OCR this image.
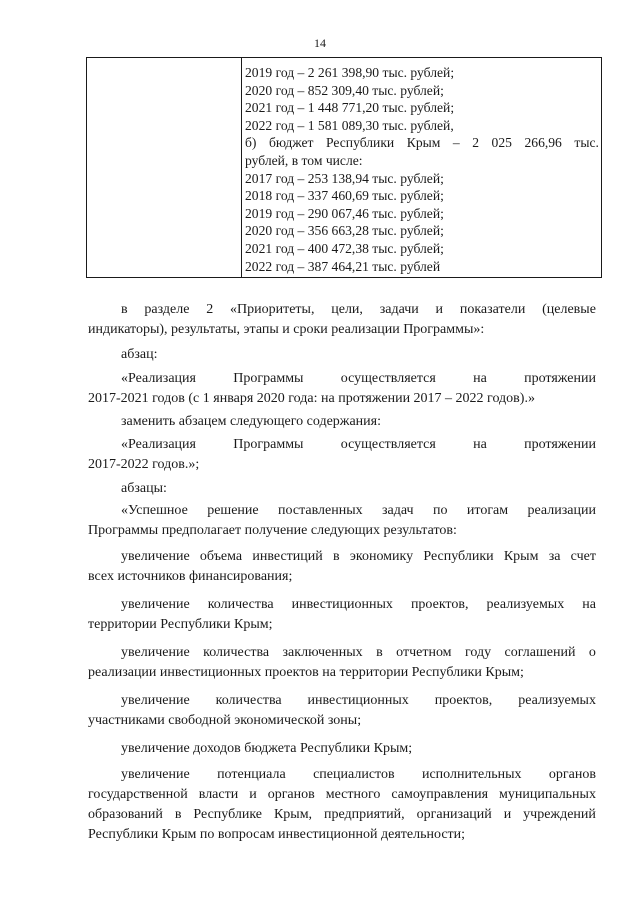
14

2019 год – 2 261 398,90 тыс. рублей;
2020 год – 852 309,40 тыс. рублей;
2021 год – 1 448 771,20 тыс. рублей;
2022 год – 1 581 089,30 тыс. рублей,
б) бюджет Республики Крым – 2 025 266,96 тыс.
рублей, в том числе:
2017 год – 253 138,94 тыс. рублей;
2018 год – 337 460,69 тыс. рублей;
2019 год – 290 067,46 тыс. рублей;
2020 год – 356 663,28 тыс. рублей;
2021 год – 400 472,38 тыс. рублей;
2022 год – 387 464,21 тыс. рублей
в разделе 2 «Приоритеты, цели, задачи и показатели (целевые
индикаторы), результаты, этапы и сроки реализации Программы»:
абзац:
«Реализация	Программы	осуществляется	на	протяжении
2017-2021 годов (с 1 января 2020 года: на протяжении 2017 – 2022 годов).»
заменить абзацем следующего содержания:
«Реализация	Программы	осуществляется	на	протяжении
2017-2022 годов.»;
абзацы:
«Успешное решение поставленных задач по итогам реализации
Программы предполагает получение следующих результатов:
увеличение объема инвестиций в экономику Республики Крым за счет
всех источников финансирования;
увеличение количества инвестиционных проектов, реализуемых на
территории Республики Крым;
увеличение количества заключенных в отчетном году соглашений о
реализации инвестиционных проектов на территории Республики Крым;
увеличение количества инвестиционных проектов, реализуемых
участниками свободной экономической зоны;
увеличение доходов бюджета Республики Крым;
увеличение потенциала специалистов исполнительных органов
государственной власти и органов местного самоуправления муниципальных
образований в Республике Крым, предприятий, организаций и учреждений
Республики Крым по вопросам инвестиционной деятельности;
